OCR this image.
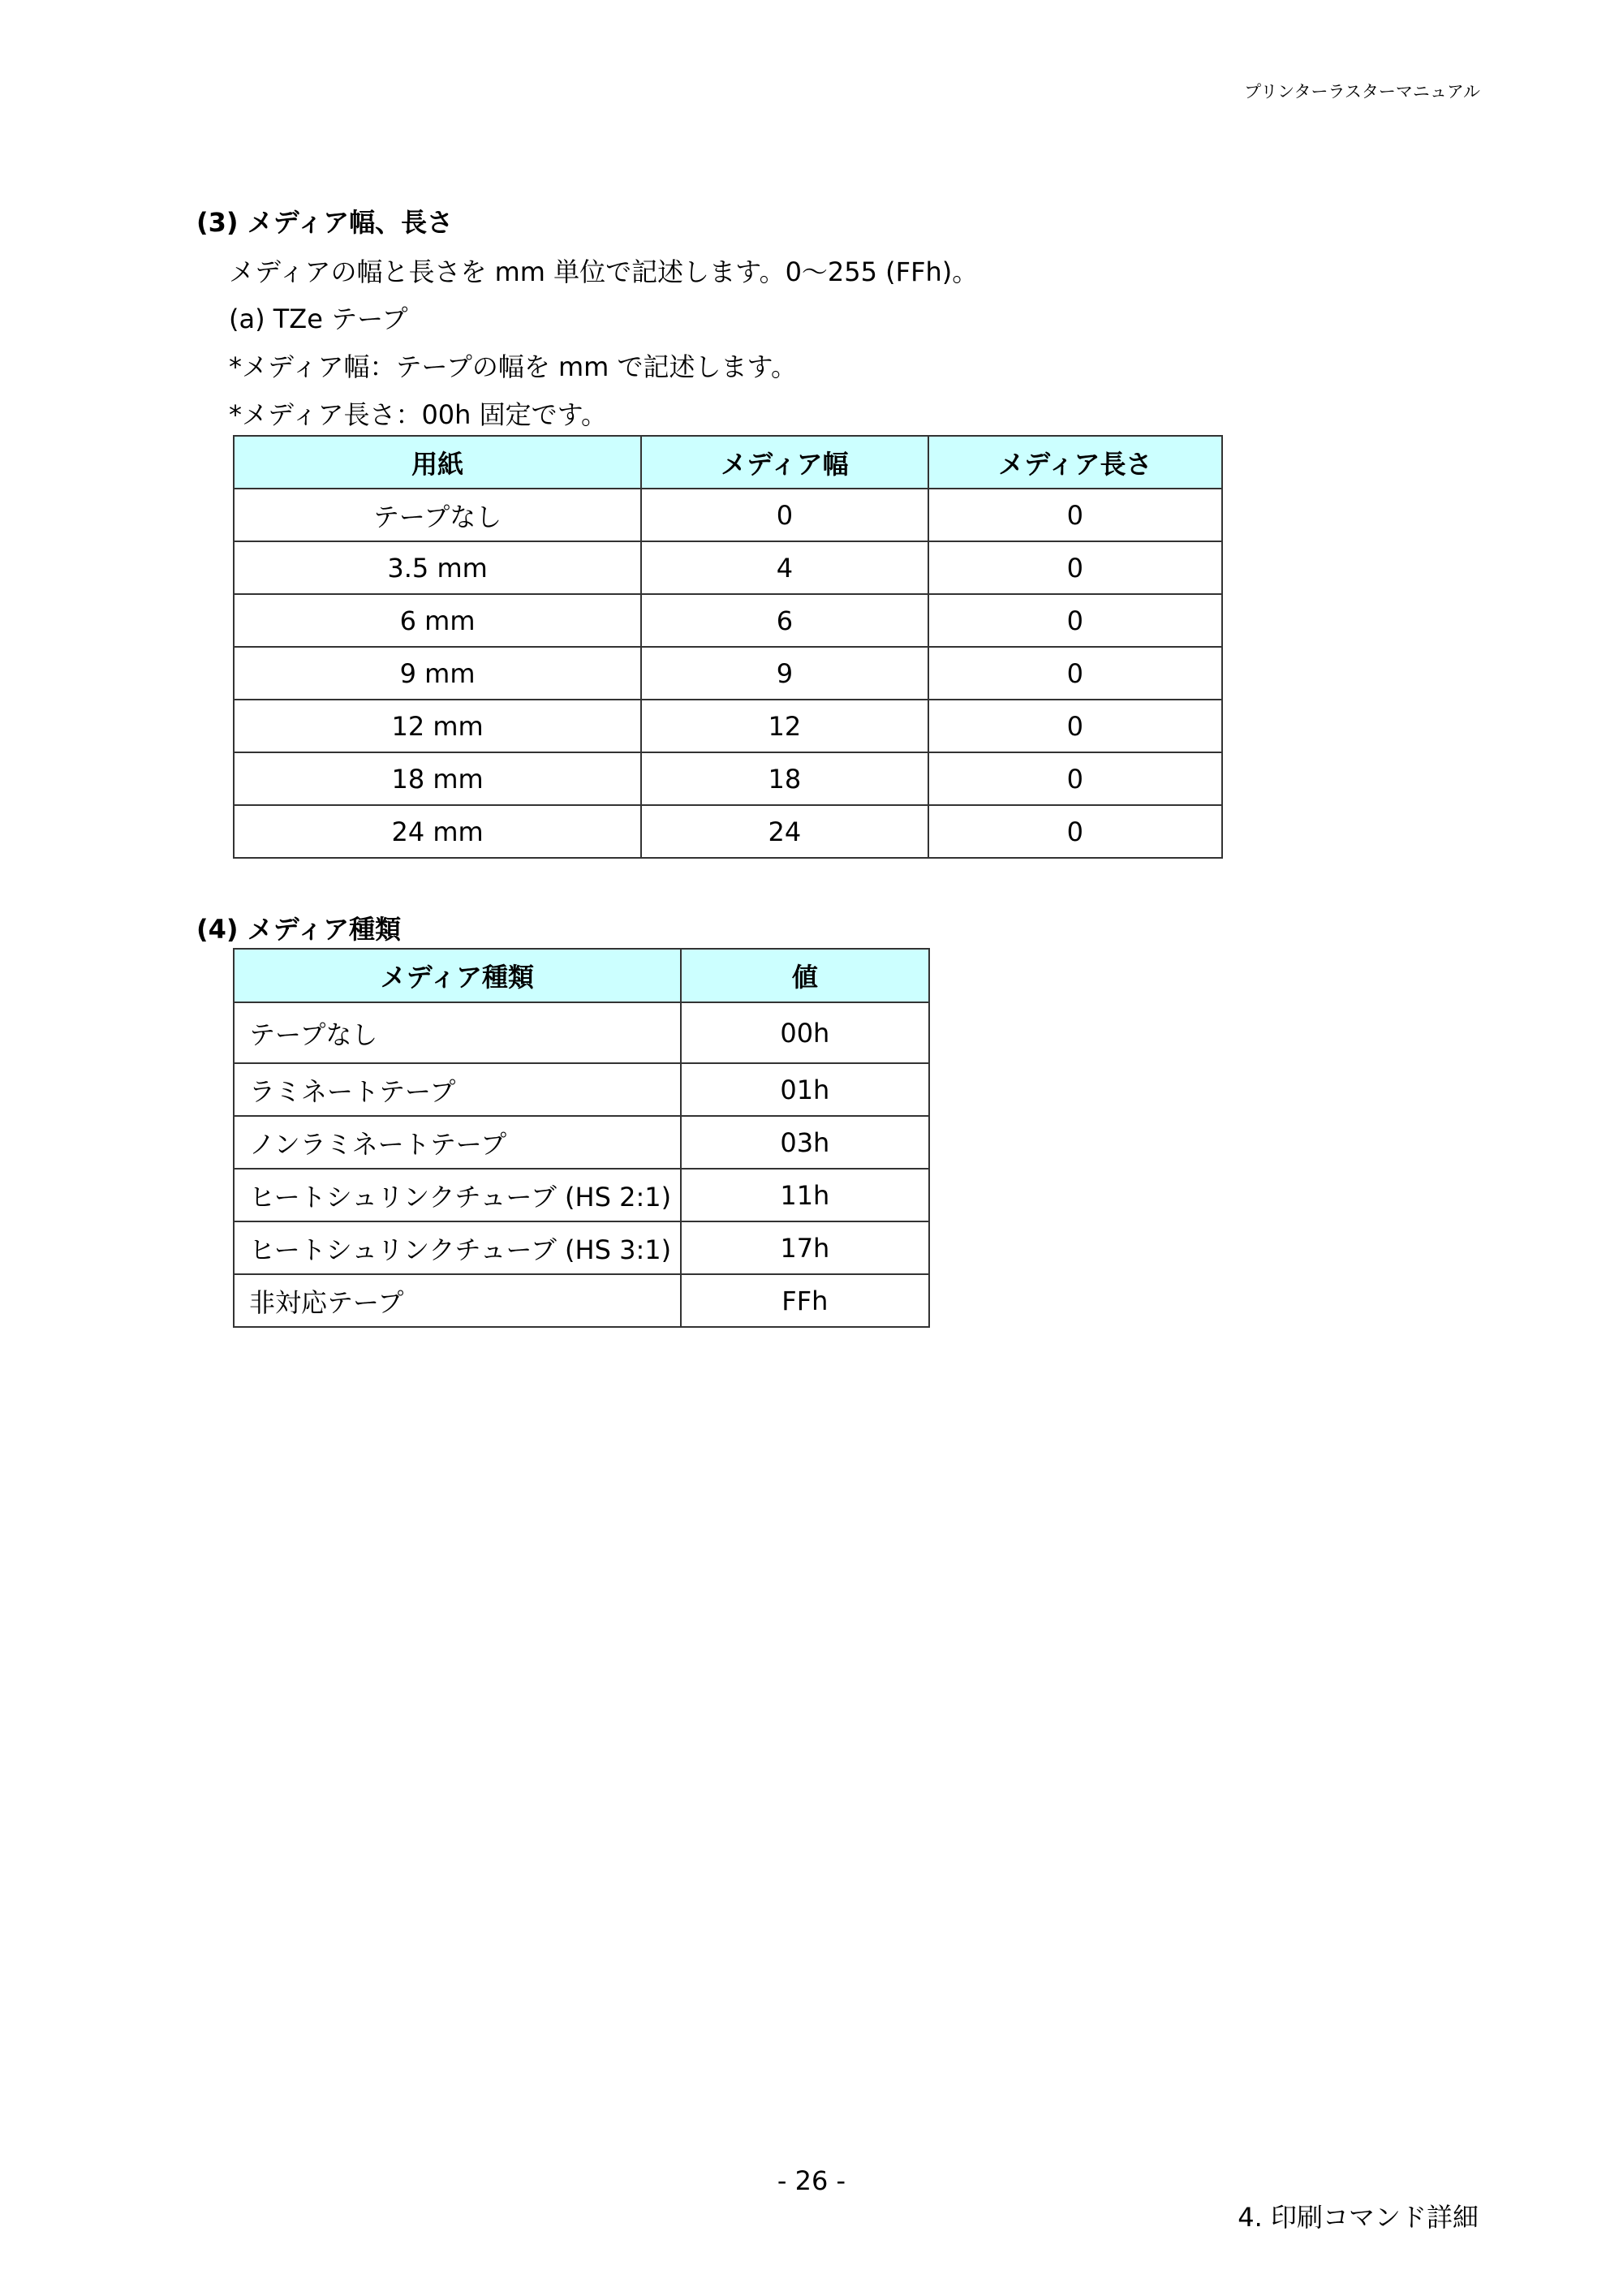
プリンターラスターマニュアル
(3) メディア幅、長さ
メディアの幅と長さを mm 単位で記述します。0～255 (FFh)。
(a) TZe テープ
*メディア幅：テープの幅を mm で記述します。
*メディア長さ：00h 固定です。
用紙	メディア幅	メディア長さ
テープなし	0	0
3.5 mm	4	0
6 mm	6	0
9 mm	9	0
12 mm	12	0
18 mm	18	0
24 mm	24	0
(4) メディア種類
メディア種類	値
テープなし	00h
ラミネートテープ	01h
ノンラミネートテープ	03h
ヒートシュリンクチューブ (HS 2:1)	11h
ヒートシュリンクチューブ (HS 3:1)	17h
非対応テープ	FFh
- 26 -
4. 印刷コマンド詳細
